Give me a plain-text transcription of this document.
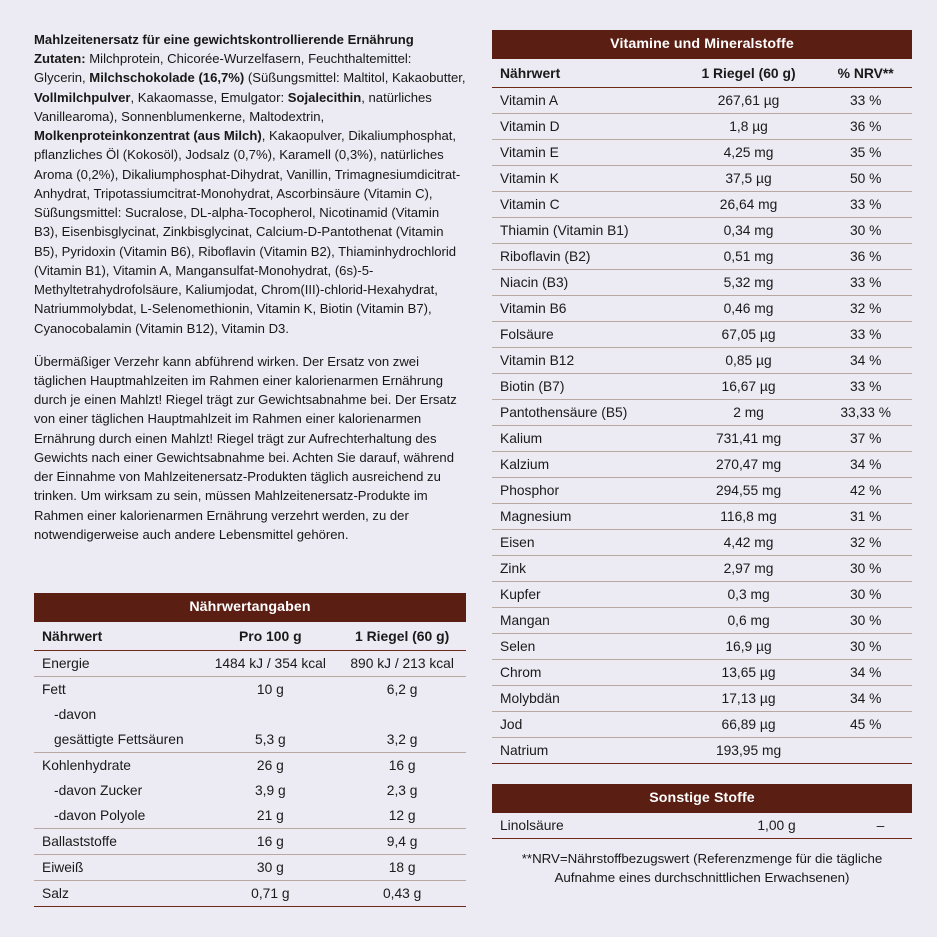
Mahlzeitenersatz für eine gewichtskontrollierende Ernährung
Zutaten: Milchprotein, Chicorée-Wurzelfasern, Feuchthaltemittel: Glycerin, Milchschokolade (16,7%) (Süßungsmittel: Maltitol, Kakaobutter, Vollmilchpulver, Kakaomasse, Emulgator: Sojalecithin, natürliches Vanillearoma), Sonnenblumenkerne, Maltodextrin, Molkenproteinkonzentrat (aus Milch), Kakaopulver, Dikaliumphosphat, pflanzliches Öl (Kokosöl), Jodsalz (0,7%), Karamell (0,3%), natürliches Aroma (0,2%), Dikaliumphosphat-Dihydrat, Vanillin, Trimagnesiumdicitrat-Anhydrat, Tripotassiumcitrat-Monohydrat, Ascorbinsäure (Vitamin C), Süßungsmittel: Sucralose, DL-alpha-Tocopherol, Nicotinamid (Vitamin B3), Eisenbisglycinat, Zinkbisglycinat, Calcium-D-Pantothenat (Vitamin B5), Pyridoxin (Vitamin B6), Riboflavin (Vitamin B2), Thiaminhydrochlorid (Vitamin B1), Vitamin A, Mangansulfat-Monohydrat, (6s)-5-Methyltetrahydrofolsäure, Kaliumjodat, Chrom(III)-chlorid-Hexahydrat, Natriummolybdat, L-Selenomethionin, Vitamin K, Biotin (Vitamin B7), Cyanocobalamin (Vitamin B12), Vitamin D3.

Übermäßiger Verzehr kann abführend wirken. Der Ersatz von zwei täglichen Hauptmahlzeiten im Rahmen einer kalorienarmen Ernährung durch je einen Mahlzt! Riegel trägt zur Gewichtsabnahme bei. Der Ersatz von einer täglichen Hauptmahlzeit im Rahmen einer kalorienarmen Ernährung durch einen Mahlzt! Riegel trägt zur Aufrechterhaltung des Gewichts nach einer Gewichtsabnahme bei. Achten Sie darauf, während der Einnahme von Mahlzeitenersatz-Produkten täglich ausreichend zu trinken. Um wirksam zu sein, müssen Mahlzeitenersatz-Produkte im Rahmen einer kalorienarmen Ernährung verzehrt werden, zu der notwendigerweise auch andere Lebensmittel gehören.

Nährwertangaben		
Nährwert	Pro 100 g	1 Riegel (60 g)
Energie	1484 kJ / 354 kcal	890 kJ / 213 kcal
Fett	10 g	6,2 g
-davon		
gesättigte Fettsäuren	5,3 g	3,2 g
Kohlenhydrate	26 g	16 g
-davon Zucker	3,9 g	2,3 g
-davon Polyole	21 g	12 g
Ballaststoffe	16 g	9,4 g
Eiweiß	30 g	18 g
Salz	0,71 g	0,43 g
Vitamine und Mineralstoffe		
Nährwert	1 Riegel (60 g)	% NRV**
Vitamin A	267,61 µg	33 %
Vitamin D	1,8 µg	36 %
Vitamin E	4,25 mg	35 %
Vitamin K	37,5 µg	50 %
Vitamin C	26,64 mg	33 %
Thiamin (Vitamin B1)	0,34 mg	30 %
Riboflavin (B2)	0,51 mg	36 %
Niacin (B3)	5,32 mg	33 %
Vitamin B6	0,46 mg	32 %
Folsäure	67,05 µg	33 %
Vitamin B12	0,85 µg	34 %
Biotin (B7)	16,67 µg	33 %
Pantothensäure (B5)	2 mg	33,33 %
Kalium	731,41 mg	37 %
Kalzium	270,47 mg	34 %
Phosphor	294,55 mg	42 %
Magnesium	116,8 mg	31 %
Eisen	4,42 mg	32 %
Zink	2,97 mg	30 %
Kupfer	0,3 mg	30 %
Mangan	0,6 mg	30 %
Selen	16,9 µg	30 %
Chrom	13,65 µg	34 %
Molybdän	17,13 µg	34 %
Jod	66,89 µg	45 %
Natrium	193,95 mg	
Sonstige Stoffe
Linolsäure	1,00 g	–
**NRV=Nährstoffbezugswert (Referenzmenge für die tägliche Aufnahme eines durchschnittlichen Erwachsenen)
